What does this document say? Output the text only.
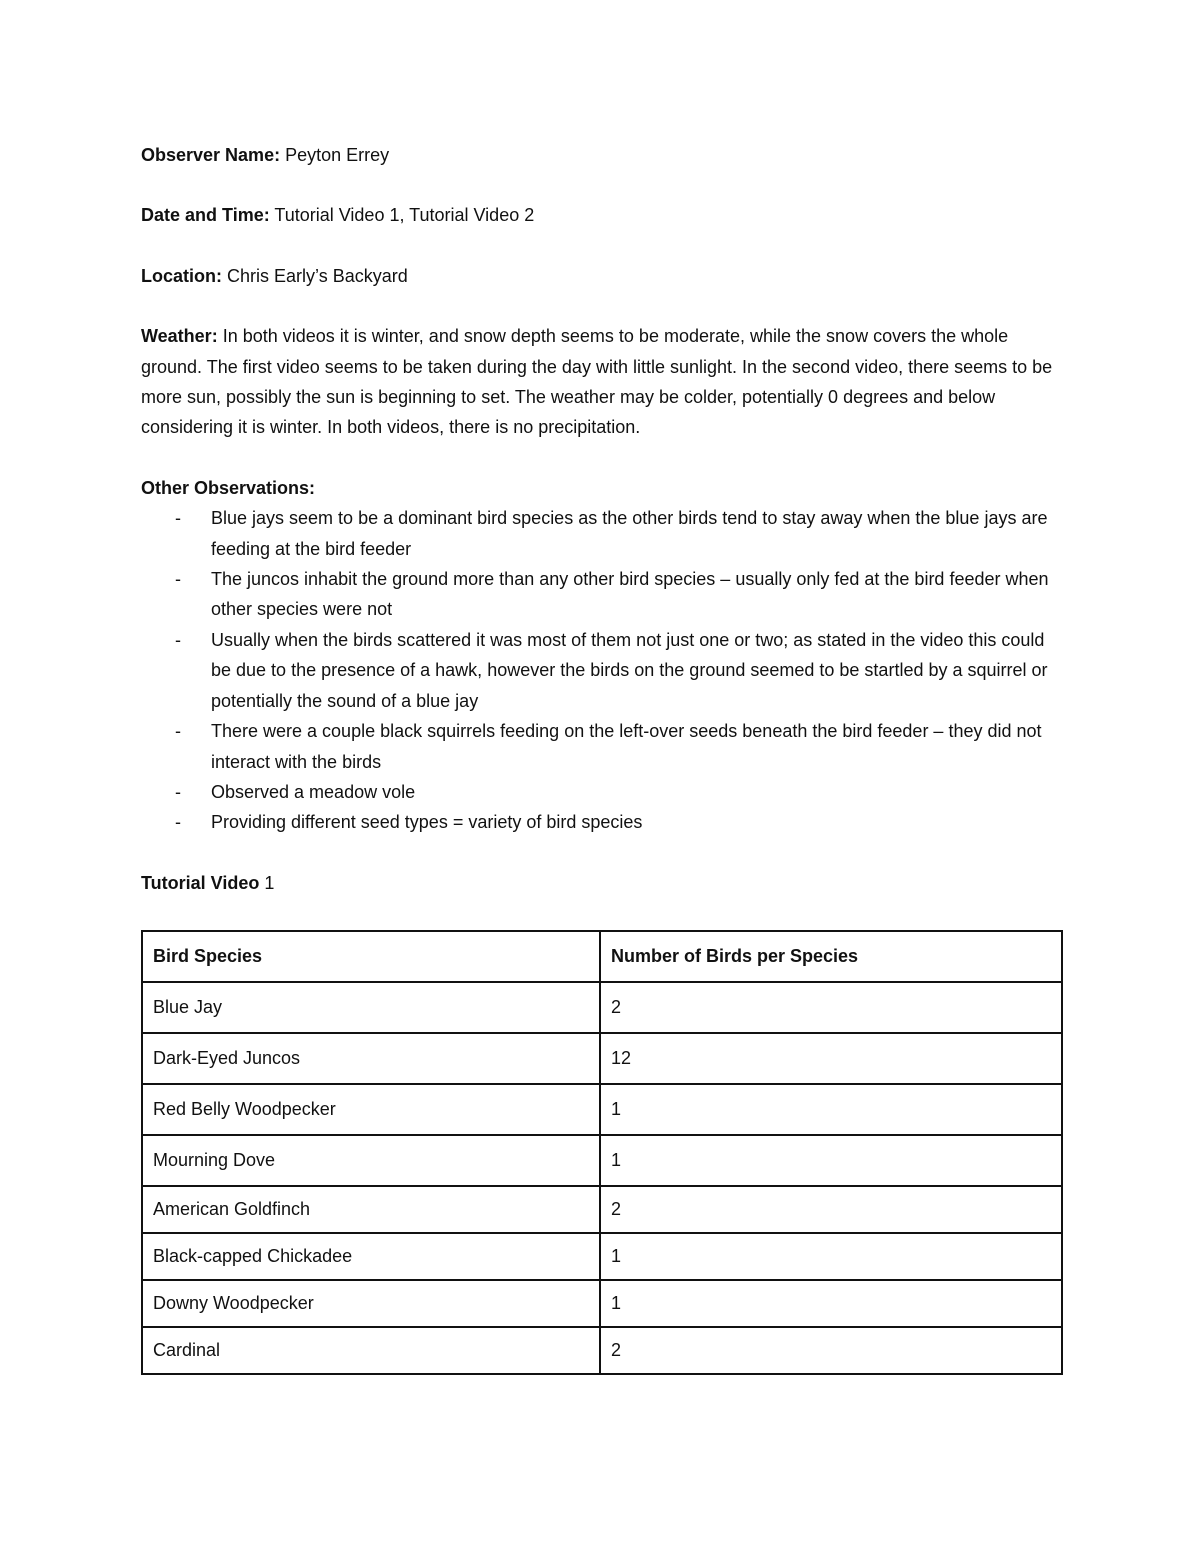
Observer Name: Peyton Errey

Date and Time: Tutorial Video 1, Tutorial Video 2

Location: Chris Early’s Backyard

Weather: In both videos it is winter, and snow depth seems to be moderate, while the snow covers the whole ground. The first video seems to be taken during the day with little sunlight. In the second video, there seems to be more sun, possibly the sun is beginning to set. The weather may be colder, potentially 0 degrees and below considering it is winter. In both videos, there is no precipitation.

Other Observations:

- Blue jays seem to be a dominant bird species as the other birds tend to stay away when the blue jays are feeding at the bird feeder
- The juncos inhabit the ground more than any other bird species – usually only fed at the bird feeder when other species were not
- Usually when the birds scattered it was most of them not just one or two; as stated in the video this could be due to the presence of a hawk, however the birds on the ground seemed to be startled by a squirrel or potentially the sound of a blue jay
- There were a couple black squirrels feeding on the left-over seeds beneath the bird feeder – they did not interact with the birds
- Observed a meadow vole
- Providing different seed types = variety of bird species

Tutorial Video 1

Bird Species	Number of Birds per Species
Blue Jay	2
Dark-Eyed Juncos	12
Red Belly Woodpecker	1
Mourning Dove	1
American Goldfinch	2
Black-capped Chickadee	1
Downy Woodpecker	1
Cardinal	2
